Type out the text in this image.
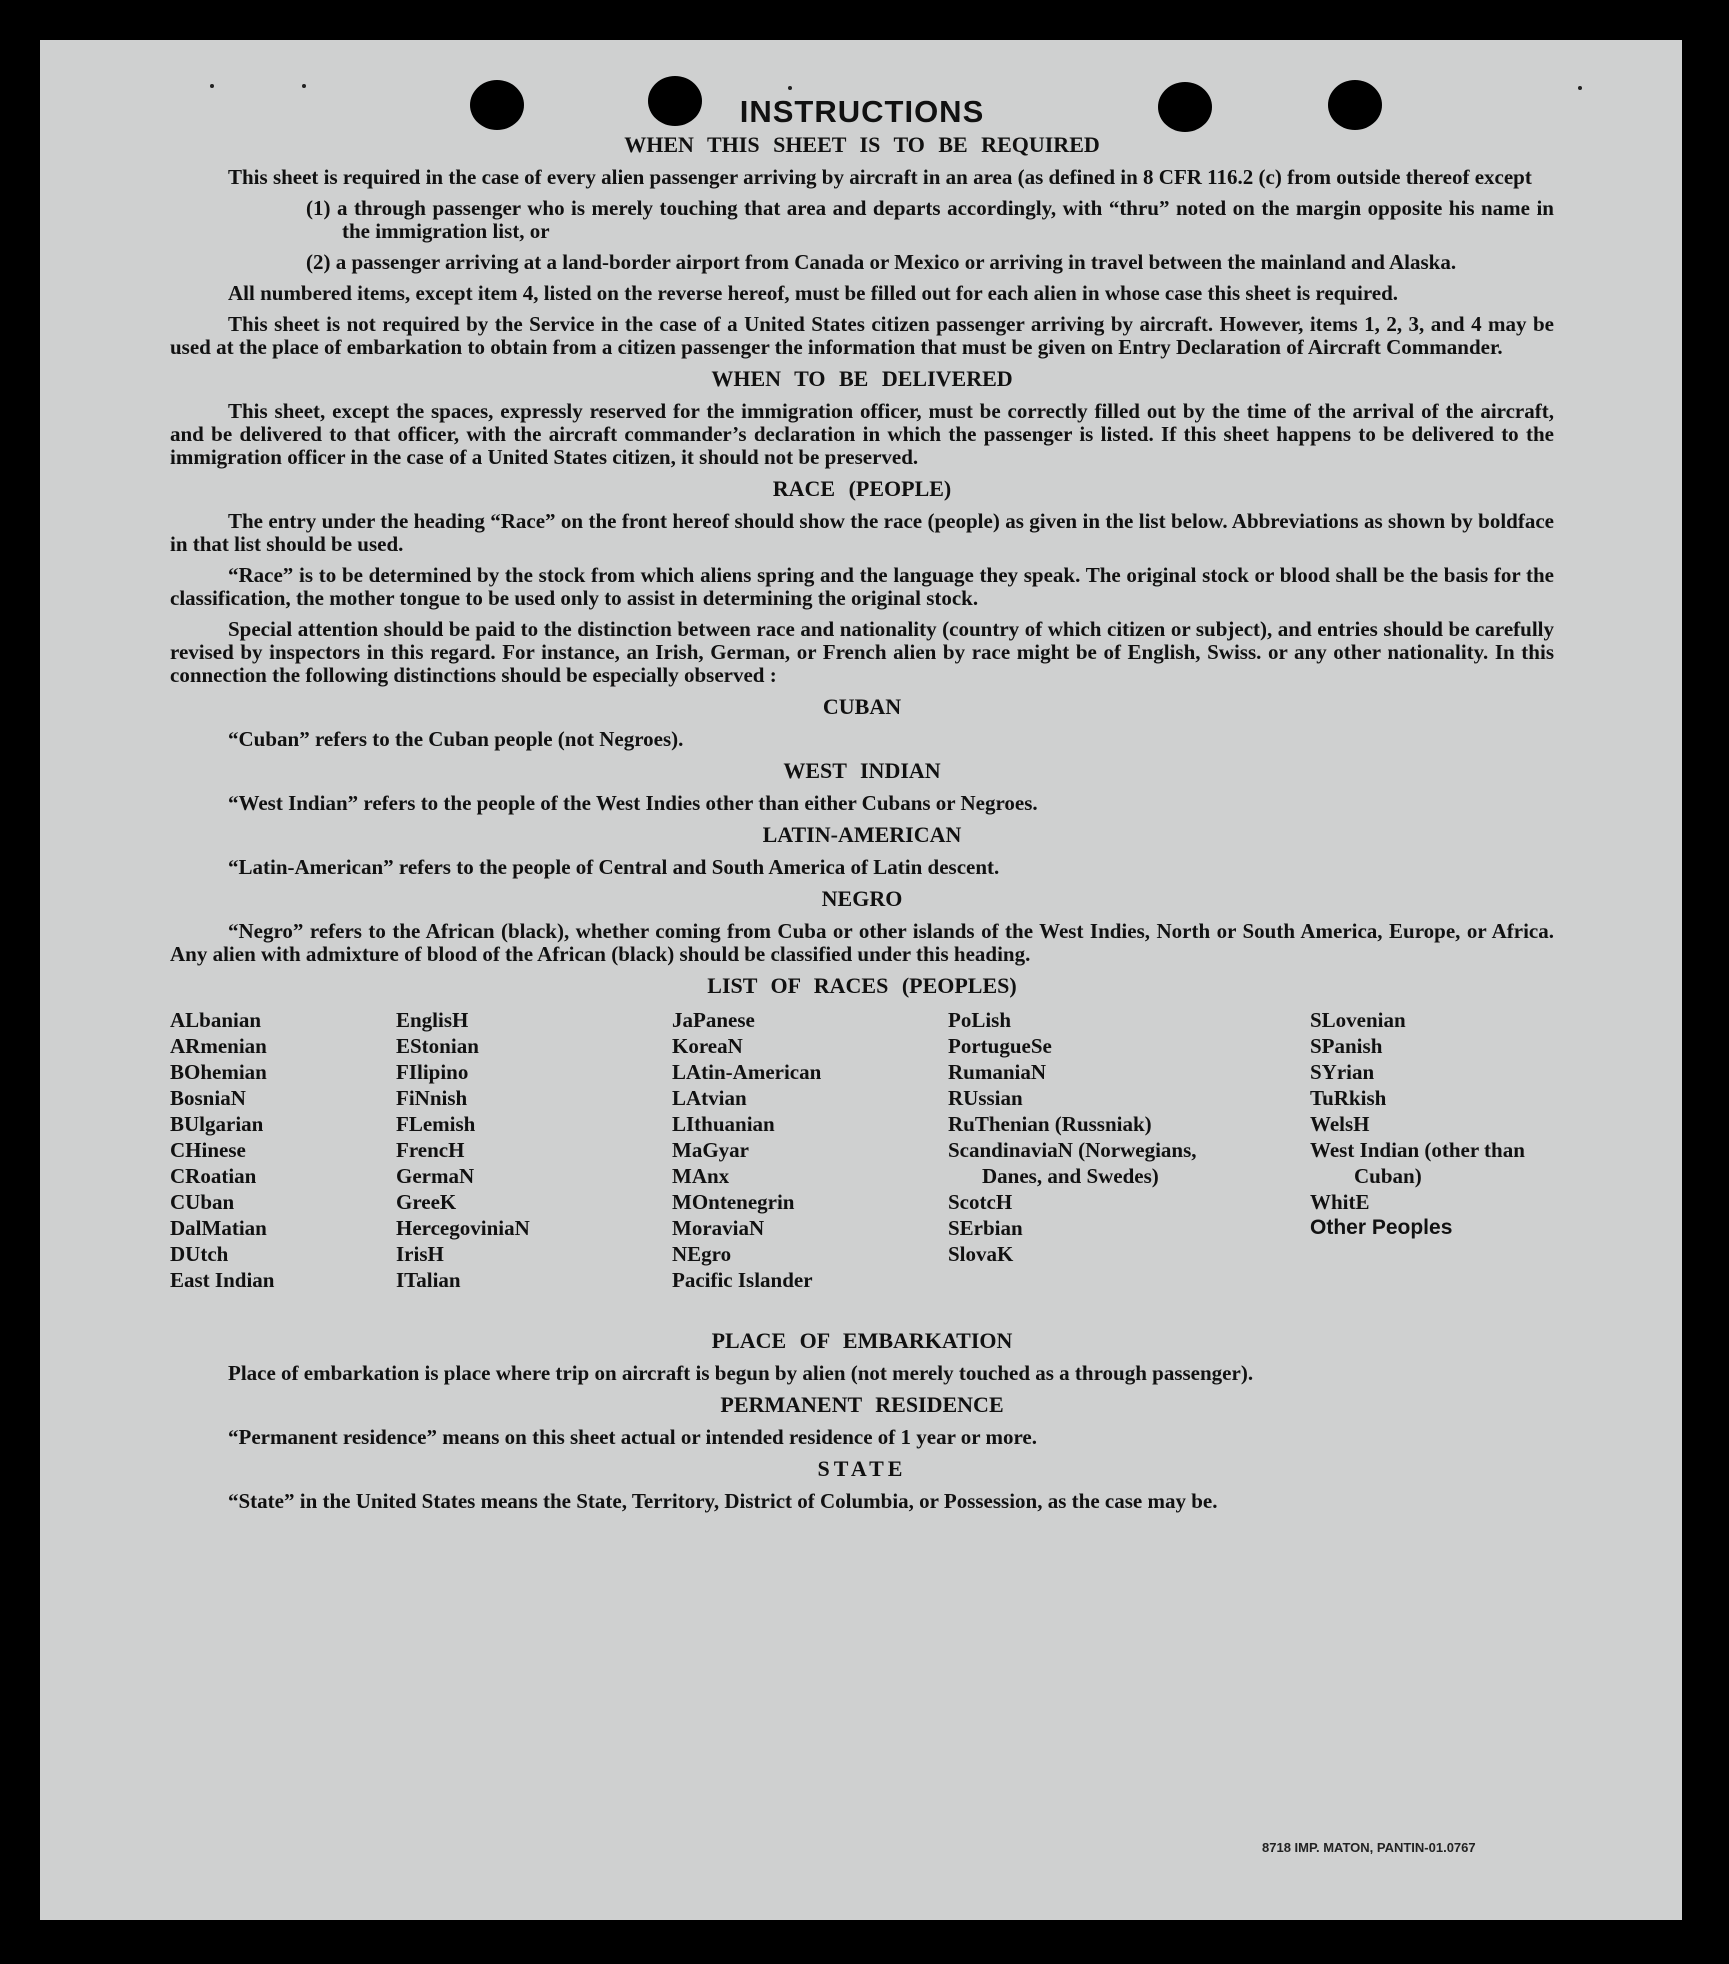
INSTRUCTIONS
WHEN THIS SHEET IS TO BE REQUIRED

This sheet is required in the case of every alien passenger arriving by aircraft in an area (as defined in 8 CFR 116.2 (c) from outside thereof except

(1) a through passenger who is merely touching that area and departs accordingly, with “thru” noted on the margin opposite his name in the immigration list, or
(2) a passenger arriving at a land-border airport from Canada or Mexico or arriving in travel between the mainland and Alaska.

All numbered items, except item 4, listed on the reverse hereof, must be filled out for each alien in whose case this sheet is required.

This sheet is not required by the Service in the case of a United States citizen passenger arriving by aircraft. However, items 1, 2, 3, and 4 may be used at the place of embarkation to obtain from a citizen passenger the information that must be given on Entry Declaration of Aircraft Commander.

WHEN TO BE DELIVERED

This sheet, except the spaces, expressly reserved for the immigration officer, must be correctly filled out by the time of the arrival of the aircraft, and be delivered to that officer, with the aircraft commander’s declaration in which the passenger is listed. If this sheet happens to be delivered to the immigration officer in the case of a United States citizen, it should not be preserved.

RACE (PEOPLE)

The entry under the heading “Race” on the front hereof should show the race (people) as given in the list below. Abbreviations as shown by boldface in that list should be used.

“Race” is to be determined by the stock from which aliens spring and the language they speak. The original stock or blood shall be the basis for the classification, the mother tongue to be used only to assist in determining the original stock.

Special attention should be paid to the distinction between race and nationality (country of which citizen or subject), and entries should be carefully revised by inspectors in this regard. For instance, an Irish, German, or French alien by race might be of English, Swiss. or any other nationality. In this connection the following distinctions should be especially observed :

CUBAN

“Cuban” refers to the Cuban people (not Negroes).

WEST INDIAN

“West Indian” refers to the people of the West Indies other than either Cubans or Negroes.

LATIN-AMERICAN

“Latin-American” refers to the people of Central and South America of Latin descent.

NEGRO

“Negro” refers to the African (black), whether coming from Cuba or other islands of the West Indies, North or South America, Europe, or Africa. Any alien with admixture of blood of the African (black) should be classified under this heading.

LIST OF RACES (PEOPLES)
ALbanian
ARmenian
BOhemian
BosniaN
BUlgarian
CHinese
CRoatian
CUban
DalMatian
DUtch
East Indian
EnglisH
EStonian
FIlipino
FiNnish
FLemish
FrencH
GermaN
GreeK
HercegoviniaN
IrisH
ITalian
JaPanese
KoreaN
LAtin-American
LAtvian
LIthuanian
MaGyar
MAnx
MOntenegrin
MoraviaN
NEgro
Pacific Islander
PoLish
PortugueSe
RumaniaN
RUssian
RuThenian (Russniak)
ScandinaviaN (Norwegians, Danes, and Swedes)
ScotcH
SErbian
SlovaK
SLovenian
SPanish
SYrian
TuRkish
WelsH
West Indian (other than Cuban)
WhitE
Other Peoples
PLACE OF EMBARKATION

Place of embarkation is place where trip on aircraft is begun by alien (not merely touched as a through passenger).

PERMANENT RESIDENCE

“Permanent residence” means on this sheet actual or intended residence of 1 year or more.

STATE

“State” in the United States means the State, Territory, District of Columbia, or Possession, as the case may be.

8718 IMP. MATON, PANTIN-01.0767
